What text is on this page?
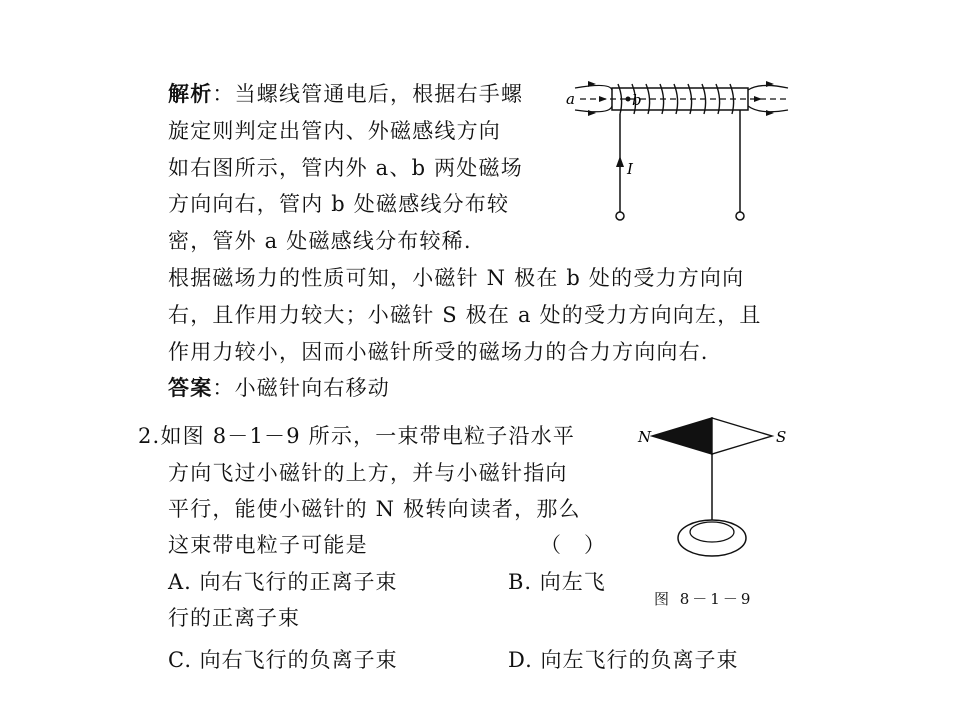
解析：当螺线管通电后，根据右手螺
旋定则判定出管内、外磁感线方向
如右图所示，管内外 a、b 两处磁场
方向向右，管内 b 处磁感线分布较
密，管外 a 处磁感线分布较稀.
根据磁场力的性质可知，小磁针 N 极在 b 处的受力方向向
右，且作用力较大；小磁针 S 极在 a 处的受力方向向左，且
作用力较小，因而小磁针所受的磁场力的合力方向向右.
答案：小磁针向右移动
2.如图 8－1－9 所示，一束带电粒子沿水平
方向飞过小磁针的上方，并与小磁针指向
平行，能使小磁针的 N 极转向读者，那么
这束带电粒子可能是	（　）
A. 向右飞行的正离子束	B. 向左飞
行的正离子束
C. 向右飞行的负离子束	D. 向左飞行的负离子束
a	b
I
N	S
图 8－1－9
